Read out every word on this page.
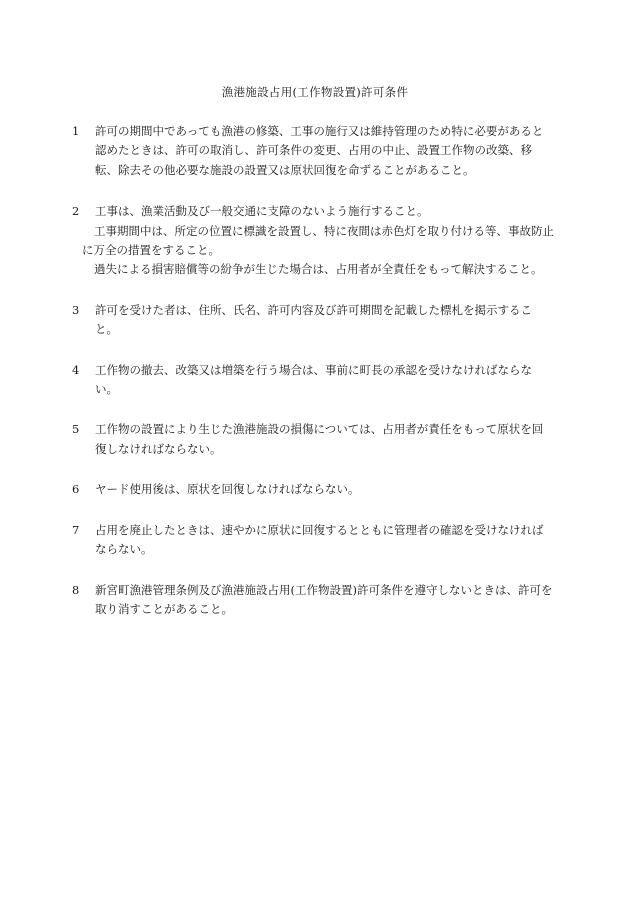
漁港施設占用(工作物設置)許可条件
1 許可の期間中であっても漁港の修築、工事の施行又は維持管理のため特に必要があると認めたときは、許可の取消し、許可条件の変更、占用の中止、設置工作物の改築、移転、除去その他必要な施設の設置又は原状回復を命ずることがあること。
2 工事は、漁業活動及び一般交通に支障のないよう施行すること。
工事期間中は、所定の位置に標識を設置し、特に夜間は赤色灯を取り付ける等、事故防止に万全の措置をすること。
過失による損害賠償等の紛争が生じた場合は、占用者が全責任をもって解決すること。
3 許可を受けた者は、住所、氏名、許可内容及び許可期間を記載した標札を掲示すること。
4 工作物の撤去、改築又は増築を行う場合は、事前に町長の承認を受けなければならない。
5 工作物の設置により生じた漁港施設の損傷については、占用者が責任をもって原状を回復しなければならない。
6 ヤード使用後は、原状を回復しなければならない。
7 占用を廃止したときは、速やかに原状に回復するとともに管理者の確認を受けなければならない。
8 新宮町漁港管理条例及び漁港施設占用(工作物設置)許可条件を遵守しないときは、許可を取り消すことがあること。
